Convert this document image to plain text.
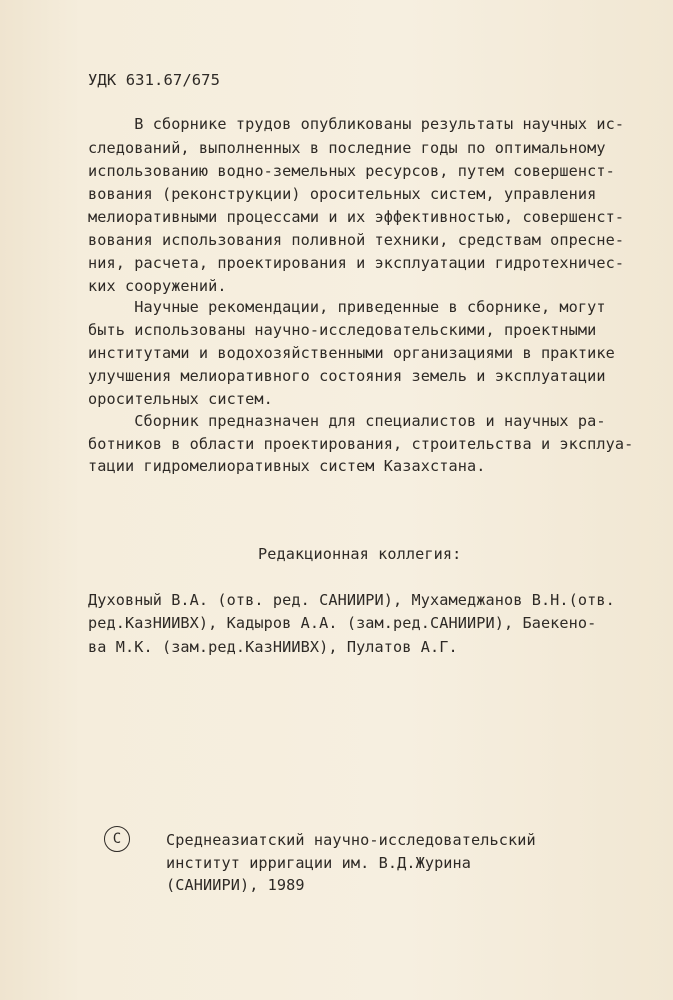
УДК 631.67/675
В сборнике трудов опубликованы результаты научных ис-
следований, выполненных в последние годы по оптимальному
использованию водно-земельных ресурсов, путем совершенст-
вования (реконструкции) оросительных систем, управления
мелиоративными процессами и их эффективностью, совершенст-
вования использования поливной техники, средствам опресне-
ния, расчета, проектирования и эксплуатации гидротехничес-
ких сооружений.
Научные рекомендации, приведенные в сборнике, могут
быть использованы научно-исследовательскими, проектными
институтами и водохозяйственными организациями в практике
улучшения мелиоративного состояния земель и эксплуатации
оросительных систем.
Сборник предназначен для специалистов и научных ра-
ботников в области проектирования, строительства и эксплуа-
тации гидромелиоративных систем Казахстана.
Редакционная коллегия:
Духовный В.А. (отв. ред. САНИИРИ), Мухамеджанов В.Н.(отв.
ред.КазНИИВХ), Кадыров А.А. (зам.ред.САНИИРИ), Баекено-
ва М.К. (зам.ред.КазНИИВХ), Пулатов А.Г.
С	Среднеазиатский научно-исследовательский
институт ирригации им. В.Д.Журина
(САНИИРИ), 1989
